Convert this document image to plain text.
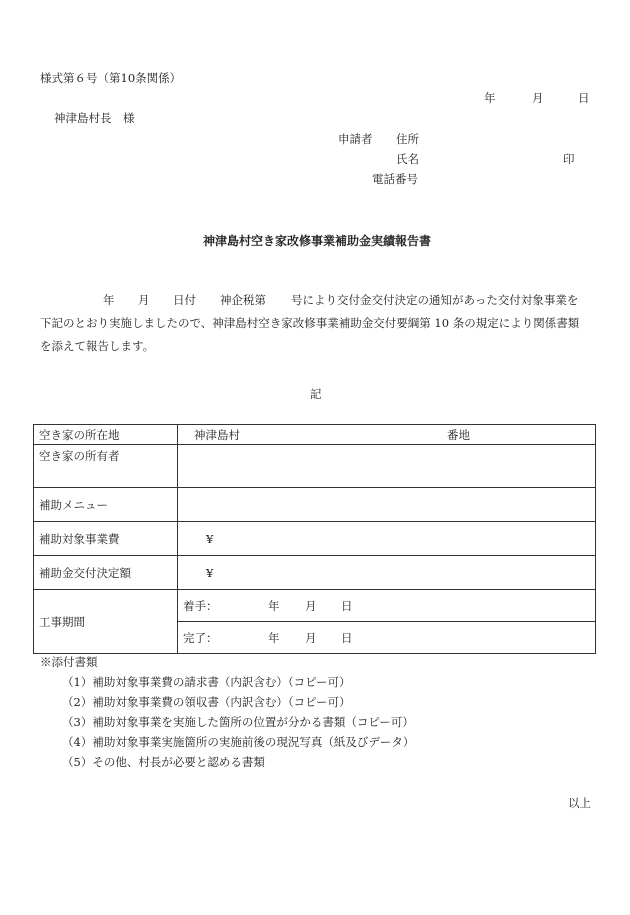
様式第６号（第10条関係）
年	月	日
神津島村長　様
申請者 住所
氏名	印
電話番号
神津島村空き家改修事業補助金実績報告書
年 月 日付 神企税第 号により交付金交付決定の通知があった交付対象事業を
下記のとおり実施しましたので、神津島村空き家改修事業補助金交付要綱第 10 条の規定により関係書類
を添えて報告します。
記
空き家の所在地	神津島村 番地

空き家の所有者	
補助メニュー	
補助対象事業費	¥
補助金交付決定額	¥
工事期間	着手： 年 月 日

	完了： 年 月 日
※添付書類
（1）補助対象事業費の請求書（内訳含む）（コピー可）
（2）補助対象事業費の領収書（内訳含む）（コピー可）
（3）補助対象事業を実施した箇所の位置が分かる書類（コピー可）
（4）補助対象事業実施箇所の実施前後の現況写真（紙及びデータ）
（5）その他、村長が必要と認める書類
以上
